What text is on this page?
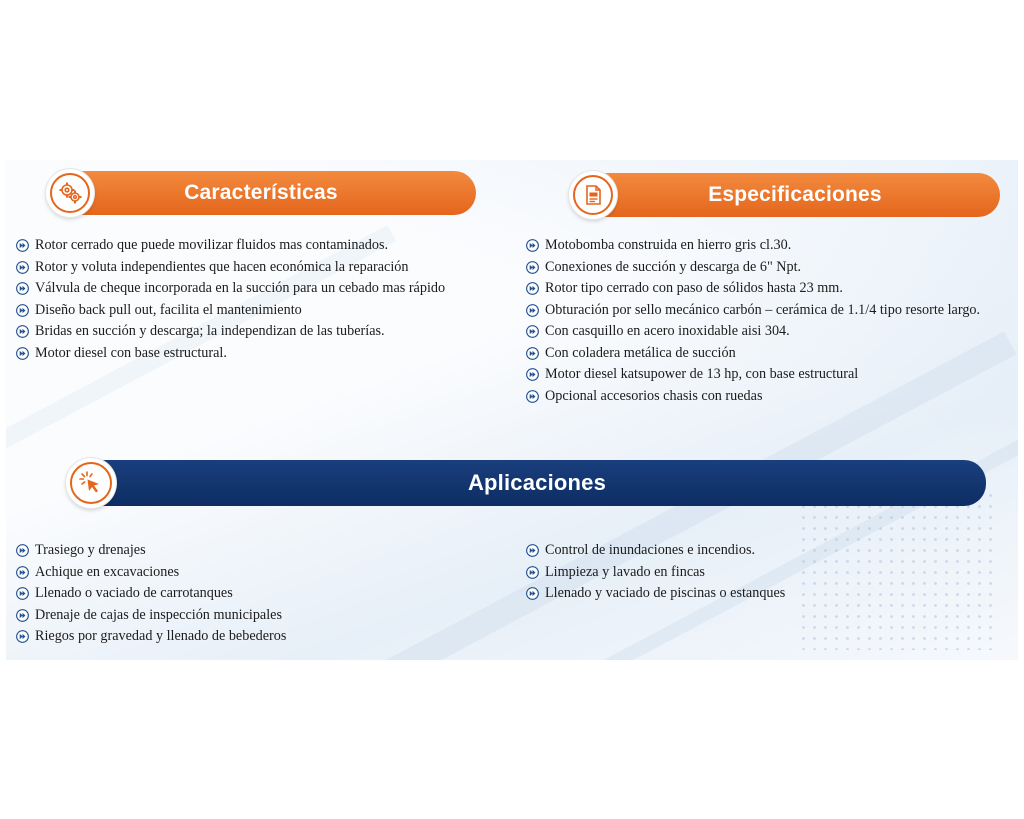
Características	Especificaciones
Rotor cerrado que puede movilizar fluidos mas contaminados.
Rotor y voluta independientes que hacen económica la reparación
Válvula de cheque incorporada en la succión para un cebado mas rápido
Diseño back pull out, facilita el mantenimiento
Bridas en succión y descarga; la independizan de las tuberías.
Motor diesel con base estructural.
Motobomba construida en hierro gris cl.30.
Conexiones de succión y descarga de 6" Npt.
Rotor tipo cerrado con paso de sólidos hasta 23 mm.
Obturación por sello mecánico carbón – cerámica de 1.1/4 tipo resorte largo.
Con casquillo en acero inoxidable aisi 304.
Con coladera metálica de succión
Motor diesel katsupower de 13 hp, con base estructural
Opcional accesorios chasis con ruedas
Aplicaciones
Trasiego y drenajes
Achique en excavaciones
Llenado o vaciado de carrotanques
Drenaje de cajas de inspección municipales
Riegos por gravedad y llenado de bebederos
Control de inundaciones e incendios.
Limpieza y lavado en fincas
Llenado y vaciado de piscinas o estanques
